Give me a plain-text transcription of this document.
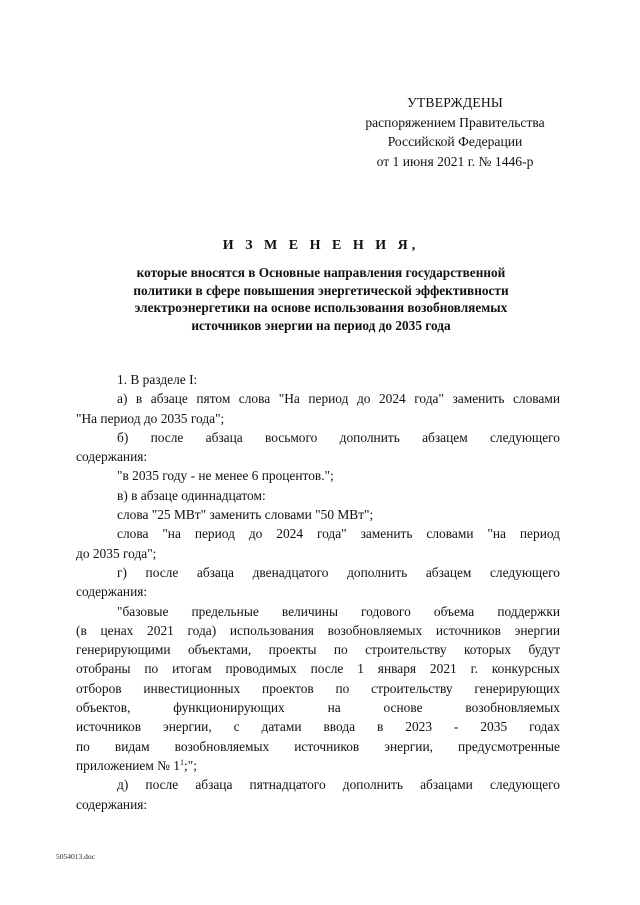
УТВЕРЖДЕНЫ
распоряжением Правительства
Российской Федерации
от 1 июня 2021 г. № 1446-р
И З М Е Н Е Н И Я,
которые вносятся в Основные направления государственной
политики в сфере повышения энергетической эффективности
электроэнергетики на основе использования возобновляемых
источников энергии на период до 2035 года
1. В разделе I:
а) в абзаце пятом слова "На период до 2024 года" заменить словами
"На период до 2035 года";
б) после абзаца восьмого дополнить абзацем следующего
содержания:
"в 2035 году - не менее 6 процентов.";
в) в абзаце одиннадцатом:
слова "25 МВт" заменить словами "50 МВт";
слова "на период до 2024 года" заменить словами "на период
до 2035 года";
г) после абзаца двенадцатого дополнить абзацем следующего
содержания:
"базовые предельные величины годового объема поддержки
(в ценах 2021 года) использования возобновляемых источников энергии
генерирующими объектами, проекты по строительству которых будут
отобраны по итогам проводимых после 1 января 2021 г. конкурсных
отборов инвестиционных проектов по строительству генерирующих
объектов, функционирующих на основе возобновляемых
источников энергии, с датами ввода в 2023 - 2035 годах
по видам возобновляемых источников энергии, предусмотренные
приложением № $1^1$;";
д) после абзаца пятнадцатого дополнить абзацами следующего
содержания:
5054013.doc
